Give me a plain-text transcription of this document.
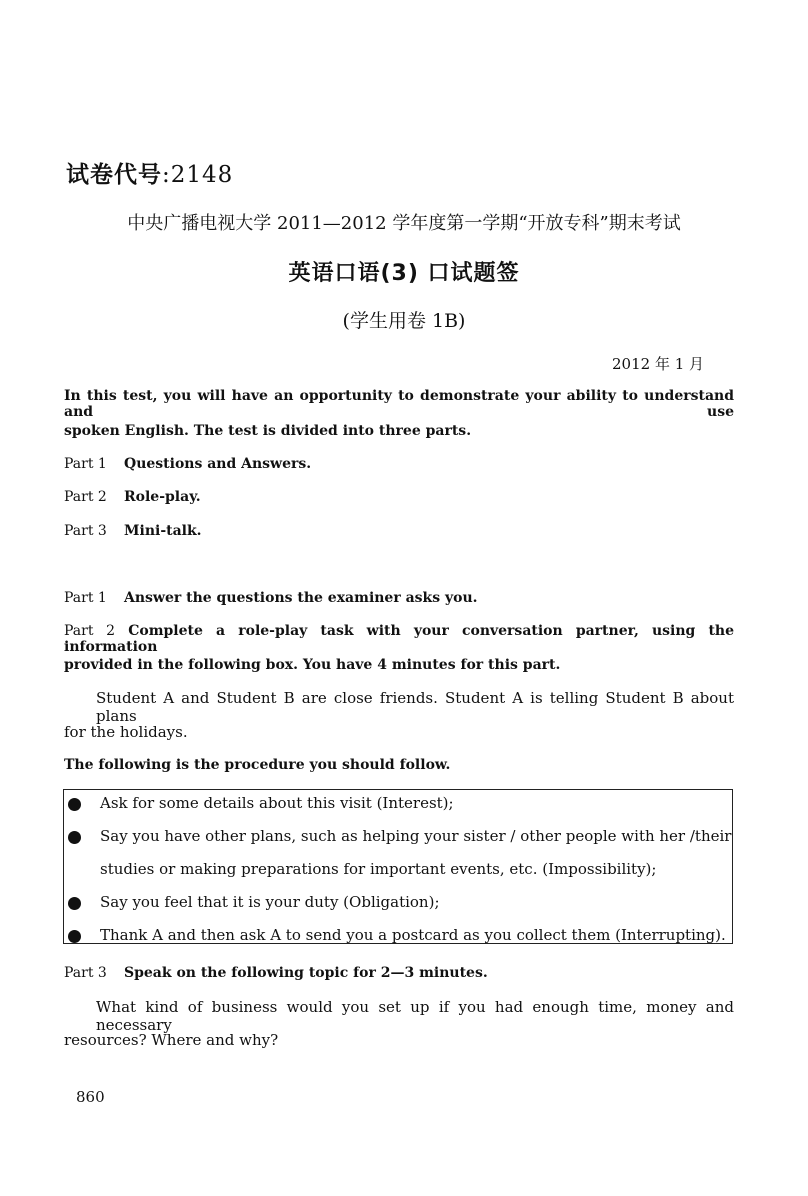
试卷代号:2148
中央广播电视大学 2011—2012 学年度第一学期“开放专科”期末考试
英语口语(3) 口试题签
(学生用卷 1B)
2012 年 1 月
In this test, you will have an opportunity to demonstrate your ability to understand and use
spoken English. The test is divided into three parts.
Part 1 Questions and Answers.
Part 2 Role-play.
Part 3 Mini-talk.
Part 1 Answer the questions the examiner asks you.
Part 2 Complete a role-play task with your conversation partner, using the information
provided in the following box. You have 4 minutes for this part.
Student A and Student B are close friends. Student A is telling Student B about plans
for the holidays.
The following is the procedure you should follow.
Ask for some details about this visit (Interest);
Say you have other plans, such as helping your sister / other people with her /their
studies or making preparations for important events, etc. (Impossibility);
Say you feel that it is your duty (Obligation);
Thank A and then ask A to send you a postcard as you collect them (Interrupting).
Part 3 Speak on the following topic for 2—3 minutes.
What kind of business would you set up if you had enough time, money and necessary
resources? Where and why?
860
